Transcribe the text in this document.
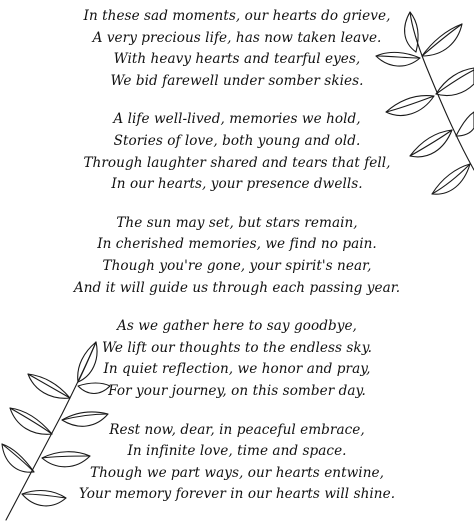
In these sad moments, our hearts do grieve,
A very precious life, has now taken leave.
With heavy hearts and tearful eyes,
We bid farewell under somber skies.
A life well-lived, memories we hold,
Stories of love, both young and old.
Through laughter shared and tears that fell,
In our hearts, your presence dwells.
The sun may set, but stars remain,
In cherished memories, we find no pain.
Though you're gone, your spirit's near,
And it will guide us through each passing year.
As we gather here to say goodbye,
We lift our thoughts to the endless sky.
In quiet reflection, we honor and pray,
For your journey, on this somber day.
Rest now, dear, in peaceful embrace,
In infinite love, time and space.
Though we part ways, our hearts entwine,
Your memory forever in our hearts will shine.
